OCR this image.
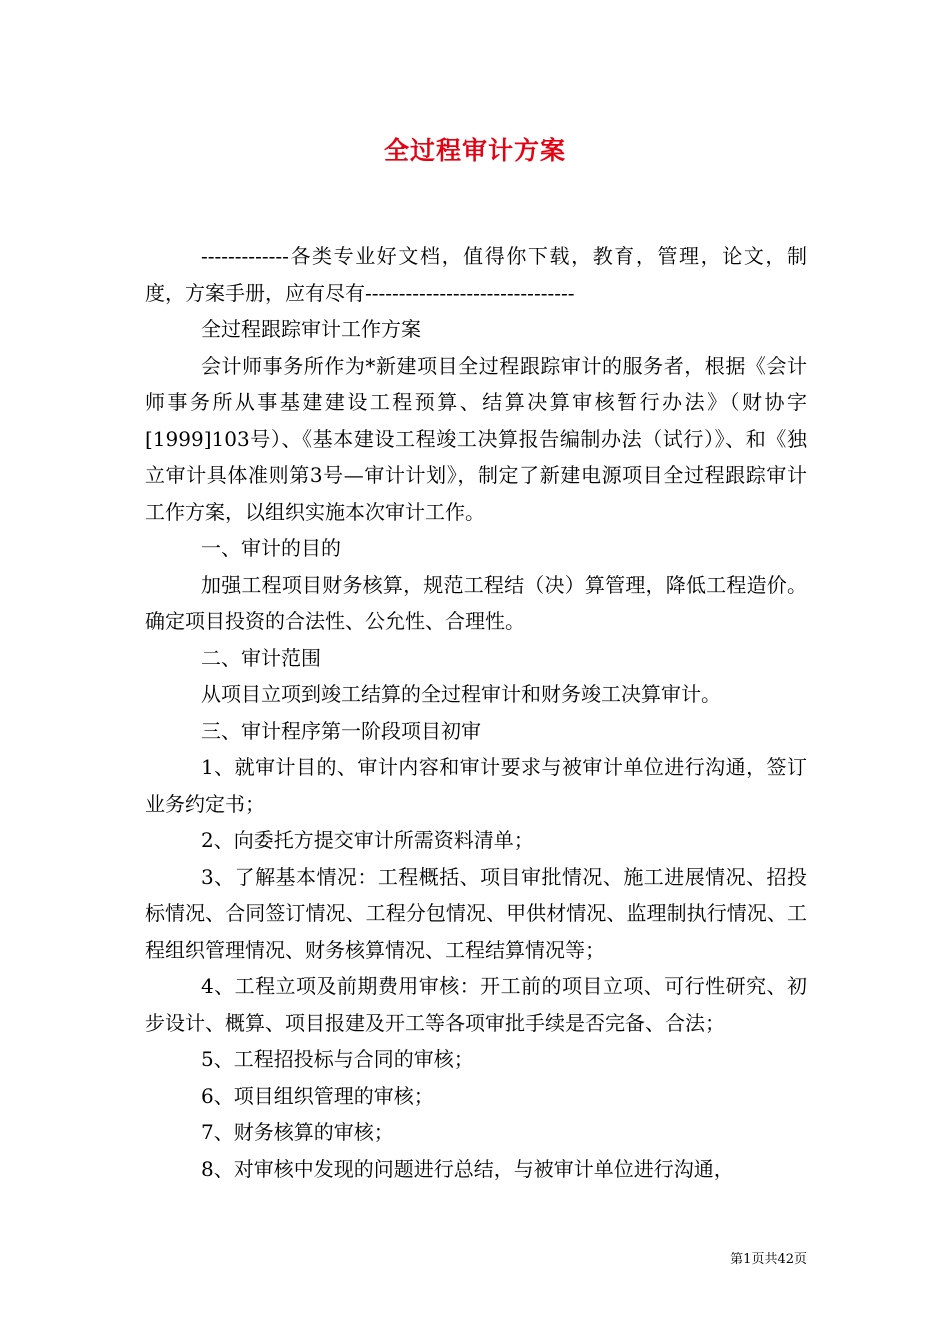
全过程审计方案

-------------各类专业好文档，值得你下载，教育，管理，论文，制度，方案手册，应有尽有-------------------------------

全过程跟踪审计工作方案

会计师事务所作为*新建项目全过程跟踪审计的服务者，根据《会计师事务所从事基建建设工程预算、结算决算审核暂行办法》（财协字[1999]103号）、《基本建设工程竣工决算报告编制办法（试行）》、和《独立审计具体准则第3号—审计计划》，制定了新建电源项目全过程跟踪审计工作方案，以组织实施本次审计工作。

一、审计的目的

加强工程项目财务核算，规范工程结（决）算管理，降低工程造价。确定项目投资的合法性、公允性、合理性。

二、审计范围

从项目立项到竣工结算的全过程审计和财务竣工决算审计。

三、审计程序第一阶段项目初审

1、就审计目的、审计内容和审计要求与被审计单位进行沟通，签订业务约定书；

2、向委托方提交审计所需资料清单；

3、了解基本情况：工程概括、项目审批情况、施工进展情况、招投标情况、合同签订情况、工程分包情况、甲供材情况、监理制执行情况、工程组织管理情况、财务核算情况、工程结算情况等；

4、工程立项及前期费用审核：开工前的项目立项、可行性研究、初步设计、概算、项目报建及开工等各项审批手续是否完备、合法；

5、工程招投标与合同的审核；

6、项目组织管理的审核；

7、财务核算的审核；

8、对审核中发现的问题进行总结，与被审计单位进行沟通，

第1页共42页
